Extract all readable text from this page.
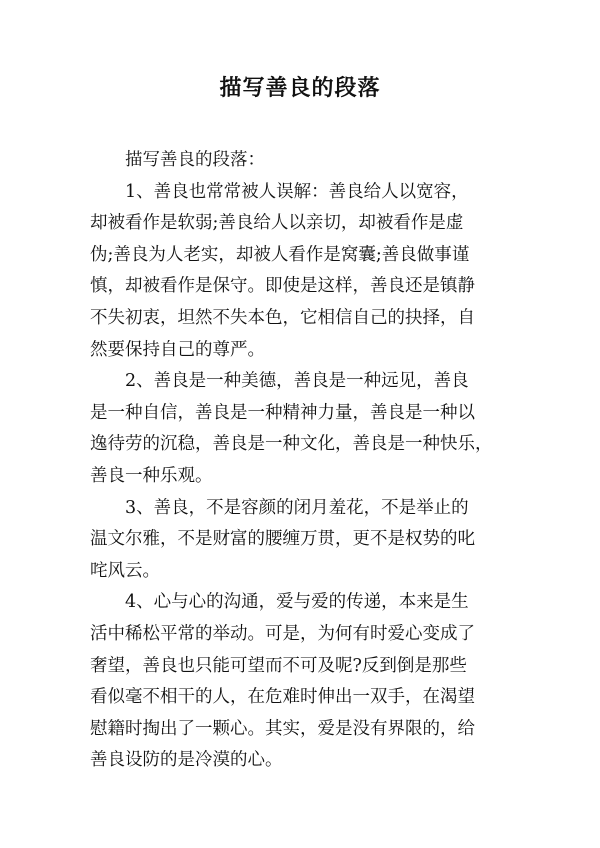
描写善良的段落

描写善良的段落：

1、善良也常常被人误解：善良给人以宽容，
却被看作是软弱;善良给人以亲切，却被看作是虚
伪;善良为人老实，却被人看作是窝囊;善良做事谨
慎，却被看作是保守。即使是这样，善良还是镇静
不失初衷，坦然不失本色，它相信自己的抉择，自
然要保持自己的尊严。

2、善良是一种美德，善良是一种远见，善良
是一种自信，善良是一种精神力量，善良是一种以
逸待劳的沉稳，善良是一种文化，善良是一种快乐，
善良一种乐观。

3、善良，不是容颜的闭月羞花，不是举止的
温文尔雅，不是财富的腰缠万贯，更不是权势的叱
咤风云。

4、心与心的沟通，爱与爱的传递，本来是生
活中稀松平常的举动。可是，为何有时爱心变成了
奢望，善良也只能可望而不可及呢?反到倒是那些
看似毫不相干的人，在危难时伸出一双手，在渴望
慰籍时掏出了一颗心。其实，爱是没有界限的，给
善良设防的是冷漠的心。
